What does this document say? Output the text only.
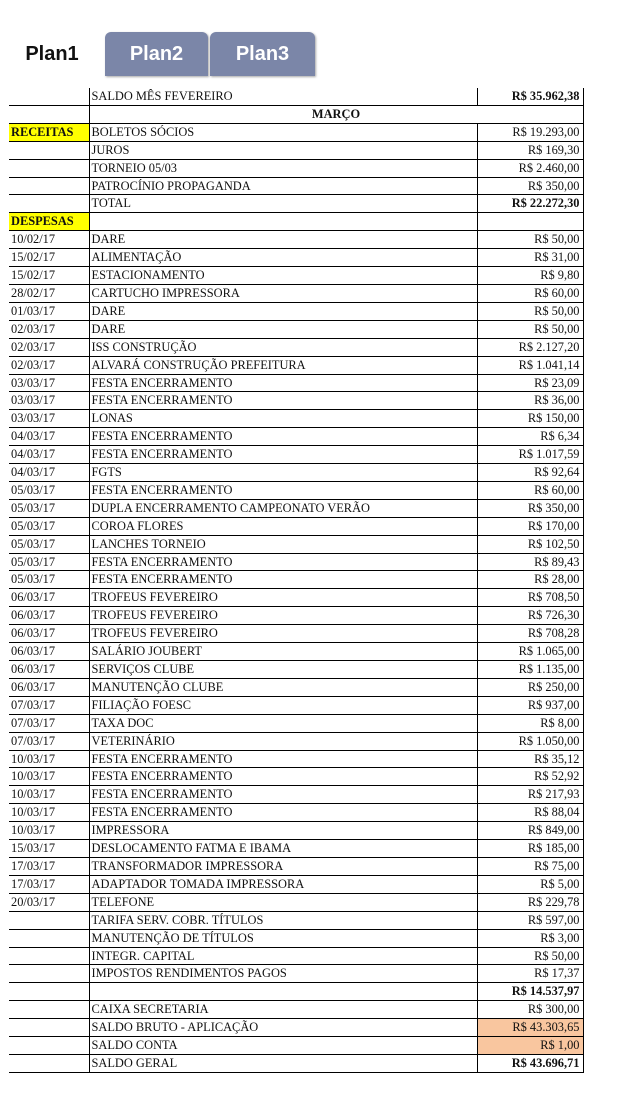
Plan1	Plan2	Plan3
	SALDO MÊS FEVEREIRO	R$ 35.962,38
	MARÇO	
RECEITAS	BOLETOS SÓCIOS	R$ 19.293,00
	JUROS	R$ 169,30
	TORNEIO 05/03	R$ 2.460,00
	PATROCÍNIO PROPAGANDA	R$ 350,00
	TOTAL	R$ 22.272,30
DESPESAS		
10/02/17	DARE	R$ 50,00
15/02/17	ALIMENTAÇÃO	R$ 31,00
15/02/17	ESTACIONAMENTO	R$ 9,80
28/02/17	CARTUCHO IMPRESSORA	R$ 60,00
01/03/17	DARE	R$ 50,00
02/03/17	DARE	R$ 50,00
02/03/17	ISS CONSTRUÇÃO	R$ 2.127,20
02/03/17	ALVARÁ CONSTRUÇÃO PREFEITURA	R$ 1.041,14
03/03/17	FESTA ENCERRAMENTO	R$ 23,09
03/03/17	FESTA ENCERRAMENTO	R$ 36,00
03/03/17	LONAS	R$ 150,00
04/03/17	FESTA ENCERRAMENTO	R$ 6,34
04/03/17	FESTA ENCERRAMENTO	R$ 1.017,59
04/03/17	FGTS	R$ 92,64
05/03/17	FESTA ENCERRAMENTO	R$ 60,00
05/03/17	DUPLA ENCERRAMENTO CAMPEONATO VERÃO	R$ 350,00
05/03/17	COROA FLORES	R$ 170,00
05/03/17	LANCHES TORNEIO	R$ 102,50
05/03/17	FESTA ENCERRAMENTO	R$ 89,43
05/03/17	FESTA ENCERRAMENTO	R$ 28,00
06/03/17	TROFEUS FEVEREIRO	R$ 708,50
06/03/17	TROFEUS FEVEREIRO	R$ 726,30
06/03/17	TROFEUS FEVEREIRO	R$ 708,28
06/03/17	SALÁRIO JOUBERT	R$ 1.065,00
06/03/17	SERVIÇOS CLUBE	R$ 1.135,00
06/03/17	MANUTENÇÃO CLUBE	R$ 250,00
07/03/17	FILIAÇÃO FOESC	R$ 937,00
07/03/17	TAXA DOC	R$ 8,00
07/03/17	VETERINÁRIO	R$ 1.050,00
10/03/17	FESTA ENCERRAMENTO	R$ 35,12
10/03/17	FESTA ENCERRAMENTO	R$ 52,92
10/03/17	FESTA ENCERRAMENTO	R$ 217,93
10/03/17	FESTA ENCERRAMENTO	R$ 88,04
10/03/17	IMPRESSORA	R$ 849,00
15/03/17	DESLOCAMENTO FATMA E IBAMA	R$ 185,00
17/03/17	TRANSFORMADOR IMPRESSORA	R$ 75,00
17/03/17	ADAPTADOR TOMADA IMPRESSORA	R$ 5,00
20/03/17	TELEFONE	R$ 229,78
	TARIFA SERV. COBR. TÍTULOS	R$ 597,00
	MANUTENÇÃO DE TÍTULOS	R$ 3,00
	INTEGR. CAPITAL	R$ 50,00
	IMPOSTOS RENDIMENTOS PAGOS	R$ 17,37
		R$ 14.537,97
	CAIXA SECRETARIA	R$ 300,00
	SALDO BRUTO - APLICAÇÃO	R$ 43.303,65
	SALDO CONTA	R$ 1,00
	SALDO GERAL	R$ 43.696,71
